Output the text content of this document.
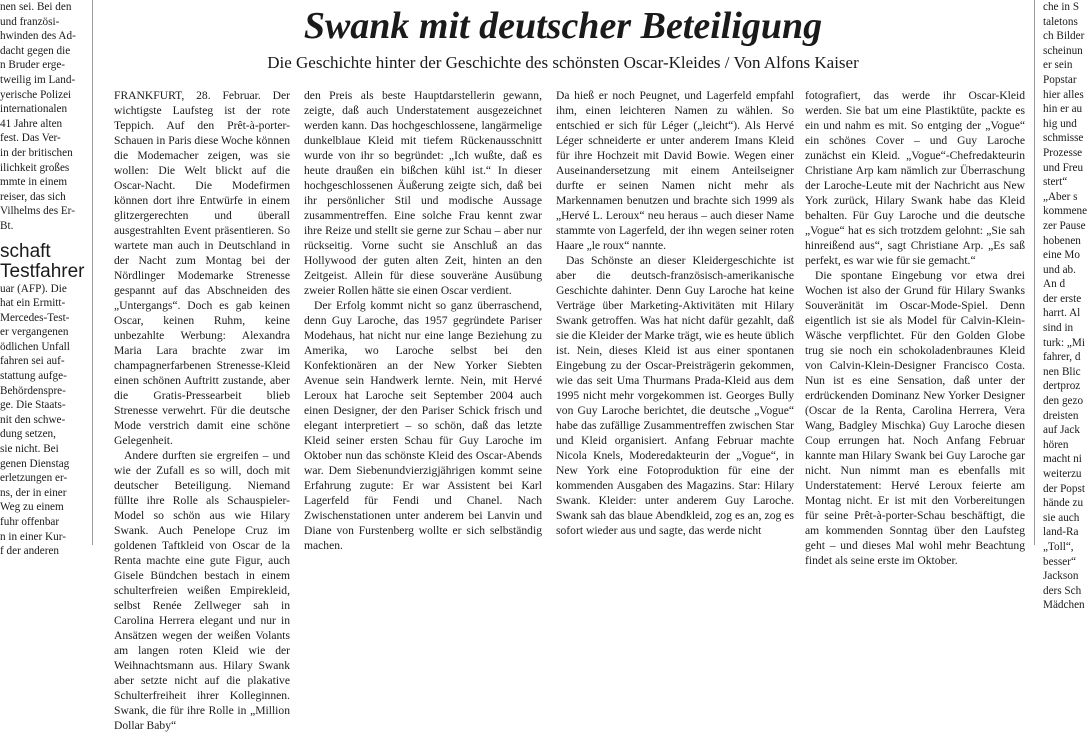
nen sei. Bei den
und französi-
hwinden des Ad-
dacht gegen die
n Bruder erge-
tweilig im Land-
yerische Polizei
internationalen
41 Jahre alten
fest. Das Ver-
in der britischen
ilichkeit großes
mmte in einem
reiser, das sich
Vilhelms des Er-
Bt.
schaft
Testfahrer
uar (AFP). Die
hat ein Ermitt-
Mercedes-Test-
er vergangenen
ödlichen Unfall
fahren sei auf-
stattung aufge-
Behördenspre-
ge. Die Staats-
nit den schwe-
dung setzen,
sie nicht. Bei
genen Dienstag
erletzungen er-
ns, der in einer
Weg zu einem
fuhr offenbar
n in einer Kur-
f der anderen
Swank mit deutscher Beteiligung
Die Geschichte hinter der Geschichte des schönsten Oscar-Kleides / Von Alfons Kaiser

FRANKFURT, 28. Februar. Der wichtigste Laufsteg ist der rote Teppich. Auf den Prêt-à-porter-Schauen in Paris diese Woche können die Modemacher zeigen, was sie wollen: Die Welt blickt auf die Oscar-Nacht. Die Modefirmen können dort ihre Entwürfe in einem glitzergerechten und überall ausgestrahlten Event präsentieren. So wartete man auch in Deutschland in der Nacht zum Montag bei der Nördlinger Modemarke Strenesse gespannt auf das Abschneiden des „Untergangs“. Doch es gab keinen Oscar, keinen Ruhm, keine unbezahlte Werbung: Alexandra Maria Lara brachte zwar im champagnerfarbenen Strenesse-Kleid einen schönen Auftritt zustande, aber die Gratis-Pressearbeit blieb Strenesse verwehrt. Für die deutsche Mode verstrich damit eine schöne Gelegenheit.

Andere durften sie ergreifen – und wie der Zufall es so will, doch mit deutscher Beteiligung. Niemand füllte ihre Rolle als Schauspieler-Model so schön aus wie Hilary Swank. Auch Penelope Cruz im goldenen Taftkleid von Oscar de la Renta machte eine gute Figur, auch Gisele Bündchen bestach in einem schulterfreien weißen Empirekleid, selbst Renée Zellweger sah in Carolina Herrera elegant und nur in Ansätzen wegen der weißen Volants am langen roten Kleid wie der Weihnachtsmann aus. Hilary Swank aber setzte nicht auf die plakative Schulterfreiheit ihrer Kolleginnen. Swank, die für ihre Rolle in „Million Dollar Baby“

den Preis als beste Hauptdarstellerin gewann, zeigte, daß auch Understatement ausgezeichnet werden kann. Das hochgeschlossene, langärmelige dunkelblaue Kleid mit tiefem Rückenausschnitt wurde von ihr so begründet: „Ich wußte, daß es heute draußen ein bißchen kühl ist.“ In dieser hochgeschlossenen Äußerung zeigte sich, daß bei ihr persönlicher Stil und modische Aussage zusammentreffen. Eine solche Frau kennt zwar ihre Reize und stellt sie gerne zur Schau – aber nur rückseitig. Vorne sucht sie Anschluß an das Hollywood der guten alten Zeit, hinten an den Zeitgeist. Allein für diese souveräne Ausübung zweier Rollen hätte sie einen Oscar verdient.

Der Erfolg kommt nicht so ganz überraschend, denn Guy Laroche, das 1957 gegründete Pariser Modehaus, hat nicht nur eine lange Beziehung zu Amerika, wo Laroche selbst bei den Konfektionären an der New Yorker Siebten Avenue sein Handwerk lernte. Nein, mit Hervé Leroux hat Laroche seit September 2004 auch einen Designer, der den Pariser Schick frisch und elegant interpretiert – so schön, daß das letzte Kleid seiner ersten Schau für Guy Laroche im Oktober nun das schönste Kleid des Oscar-Abends war. Dem Siebenundvierzigjährigen kommt seine Erfahrung zugute: Er war Assistent bei Karl Lagerfeld für Fendi und Chanel. Nach Zwischenstationen unter anderem bei Lanvin und Diane von Furstenberg wollte er sich selbständig machen.

Da hieß er noch Peugnet, und Lagerfeld empfahl ihm, einen leichteren Namen zu wählen. So entschied er sich für Léger („leicht“). Als Hervé Léger schneiderte er unter anderem Imans Kleid für ihre Hochzeit mit David Bowie. Wegen einer Auseinandersetzung mit einem Anteilseigner durfte er seinen Namen nicht mehr als Markennamen benutzen und brachte sich 1999 als „Hervé L. Leroux“ neu heraus – auch dieser Name stammte von Lagerfeld, der ihn wegen seiner roten Haare „le roux“ nannte.

Das Schönste an dieser Kleidergeschichte ist aber die deutsch-französisch-amerikanische Geschichte dahinter. Denn Guy Laroche hat keine Verträge über Marketing-Aktivitäten mit Hilary Swank getroffen. Was hat nicht dafür gezahlt, daß sie die Kleider der Marke trägt, wie es heute üblich ist. Nein, dieses Kleid ist aus einer spontanen Eingebung zu der Oscar-Preisträgerin gekommen, wie das seit Uma Thurmans Prada-Kleid aus dem 1995 nicht mehr vorgekommen ist. Georges Bully von Guy Laroche berichtet, die deutsche „Vogue“ habe das zufällige Zusammentreffen zwischen Star und Kleid organisiert. Anfang Februar machte Nicola Knels, Moderedakteurin der „Vogue“, in New York eine Fotoproduktion für eine der kommenden Ausgaben des Magazins. Star: Hilary Swank. Kleider: unter anderem Guy Laroche. Swank sah das blaue Abendkleid, zog es an, zog es sofort wieder aus und sagte, das werde nicht

fotografiert, das werde ihr Oscar-Kleid werden. Sie bat um eine Plastiktüte, packte es ein und nahm es mit. So entging der „Vogue“ ein schönes Cover – und Guy Laroche zunächst ein Kleid. „Vogue“-Chefredakteurin Christiane Arp kam nämlich zur Überraschung der Laroche-Leute mit der Nachricht aus New York zurück, Hilary Swank habe das Kleid behalten. Für Guy Laroche und die deutsche „Vogue“ hat es sich trotzdem gelohnt: „Sie sah hinreißend aus“, sagt Christiane Arp. „Es saß perfekt, es war wie für sie gemacht.“

Die spontane Eingebung vor etwa drei Wochen ist also der Grund für Hilary Swanks Souveränität im Oscar-Mode-Spiel. Denn eigentlich ist sie als Model für Calvin-Klein-Wäsche verpflichtet. Für den Golden Globe trug sie noch ein schokoladenbraunes Kleid von Calvin-Klein-Designer Francisco Costa. Nun ist es eine Sensation, daß unter der erdrückenden Dominanz New Yorker Designer (Oscar de la Renta, Carolina Herrera, Vera Wang, Badgley Mischka) Guy Laroche diesen Coup errungen hat. Noch Anfang Februar kannte man Hilary Swank bei Guy Laroche gar nicht. Nun nimmt man es ebenfalls mit Understatement: Hervé Leroux feierte am Montag nicht. Er ist mit den Vorbereitungen für seine Prêt-à-porter-Schau beschäftigt, die am kommenden Sonntag über den Laufsteg geht – und dieses Mal wohl mehr Beachtung findet als seine erste im Oktober.

che in S
taletons
ch Bilder
scheinun
er sein
Popstar
hier alles
hin er au
hig und
schmisse
Prozesse
und Freu
stert“
„Aber s
kommene
zer Pause
hobenen
eine Mo
und ab.
An d
der erste
harrt. Al
sind in
turk: „Mi
fahrer, d
nen Blic
dertproz
den gezo
dreisten
auf Jack
hören
macht ni
weiterzu
der Popst
hände zu
sie auch
land-Ra
„Toll“,
besser“
Jackson
ders Sch
Mädchen
